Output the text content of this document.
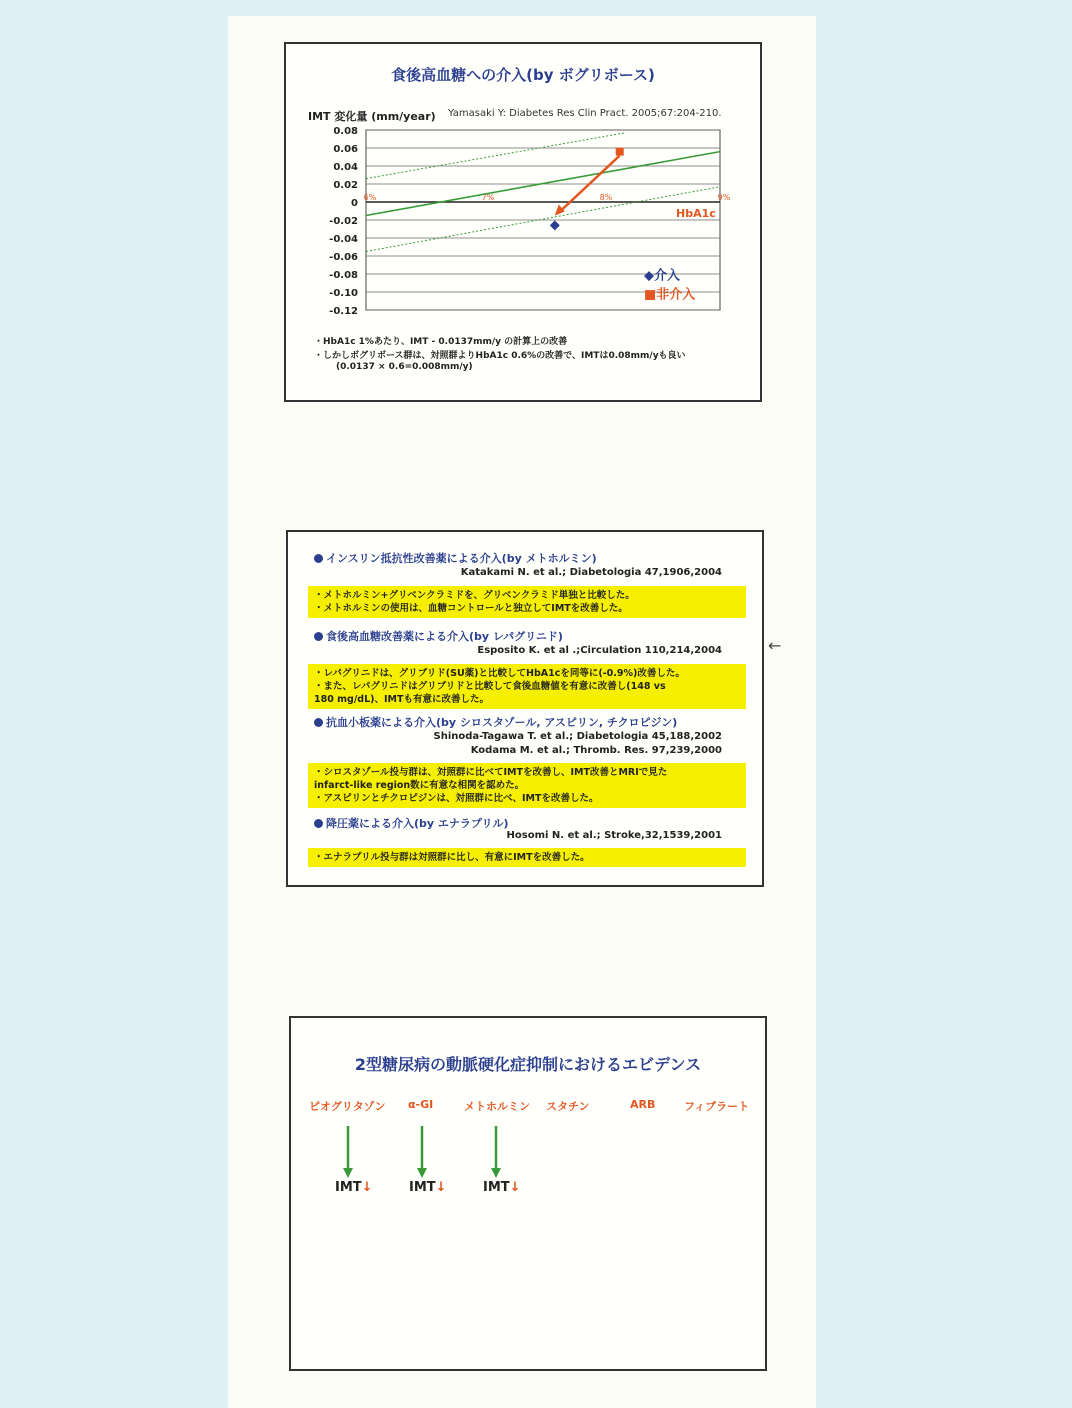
食後高血糖への介入(by ボグリボース)
IMT 変化量 (mm/year) Yamasaki Y: Diabetes Res Clin Pract. 2005;67:204-210.
0.08
0.06
0.04
0.02
0
-0.02
-0.04
-0.06
-0.08
-0.10
-0.12
6%	7%	8%	9%
HbA1c
◆介入
■非介入
・HbA1c 1%あたり、IMT - 0.0137mm/y の計算上の改善
・しかしボグリボース群は、対照群よりHbA1c 0.6%の改善で、IMTは0.08mm/yも良い
(0.0137 × 0.6=0.008mm/y)
インスリン抵抗性改善薬による介入(by メトホルミン)
Katakami N. et al.; Diabetologia 47,1906,2004
・メトホルミン+グリベンクラミドを、グリベンクラミド単独と比較した。
・メトホルミンの使用は、血糖コントロールと独立してIMTを改善した。
食後高血糖改善薬による介入(by レパグリニド)
Esposito K. et al .;Circulation 110,214,2004
・レパグリニドは、グリブリド(SU薬)と比較してHbA1cを同等に(-0.9%)改善した。
・また、レパグリニドはグリブリドと比較して食後血糖値を有意に改善し(148 vs
180 mg/dL)、IMTも有意に改善した。
抗血小板薬による介入(by シロスタゾール, アスピリン, チクロピジン)
Shinoda-Tagawa T. et al.; Diabetologia 45,188,2002
Kodama M. et al.; Thromb. Res. 97,239,2000
・シロスタゾール投与群は、対照群に比べてIMTを改善し、IMT改善とMRIで見た
infarct-like region数に有意な相関を認めた。
・アスピリンとチクロピジンは、対照群に比べ、IMTを改善した。
降圧薬による介入(by エナラプリル)
Hosomi N. et al.; Stroke,32,1539,2001
・エナラプリル投与群は対照群に比し、有意にIMTを改善した。
←
2型糖尿病の動脈硬化症抑制におけるエビデンス
ピオグリタゾン α-GI	メトホルミン スタチン	ARB	フィブラート
IMT↓	IMT↓	IMT↓
